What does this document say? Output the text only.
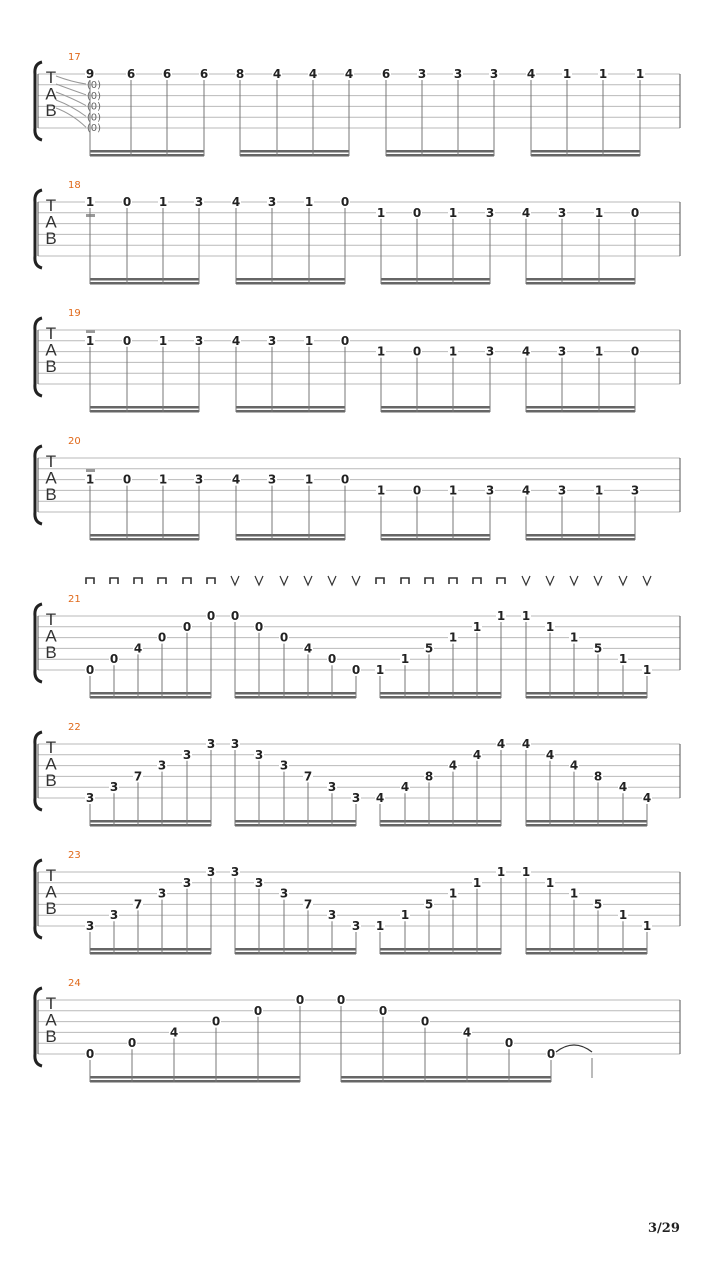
T
A
B
(0)
(0)
(0)
(0)
(0)
9	6 6 6 8 4 4 4 6 3 3 3 4 1 1 1
T
A
B
1 0 1 3 4 3 1 0
1 0 1 3 4 3 1 0
T
A
B
1 0 1 3 4 3 1 0
1 0 1 3 4 3 1 0
T
A
B
1 0 1 3 4 3 1 0
1 0 1 3 4 3 1 3
T
A
B
0
0
4
0
0
0 0
0
0
4
0
0 1
1
5
1
1
1 1
1
1
5
1
1
T
A
B
3
3
7
3
3
3 3
3
3
7
3
3 4
4
8
4
4
4 4
4
4
8
4
4
T
A
B
3
3
7
3
3
3 3
3
3
7
3
3 1
1
5
1
1
1 1
1
1
5
1
1
T
A
B
0
0
4
0
0
0	0
0
0
4
0
0
17
18
19
20
21
22
23
24
3/29
